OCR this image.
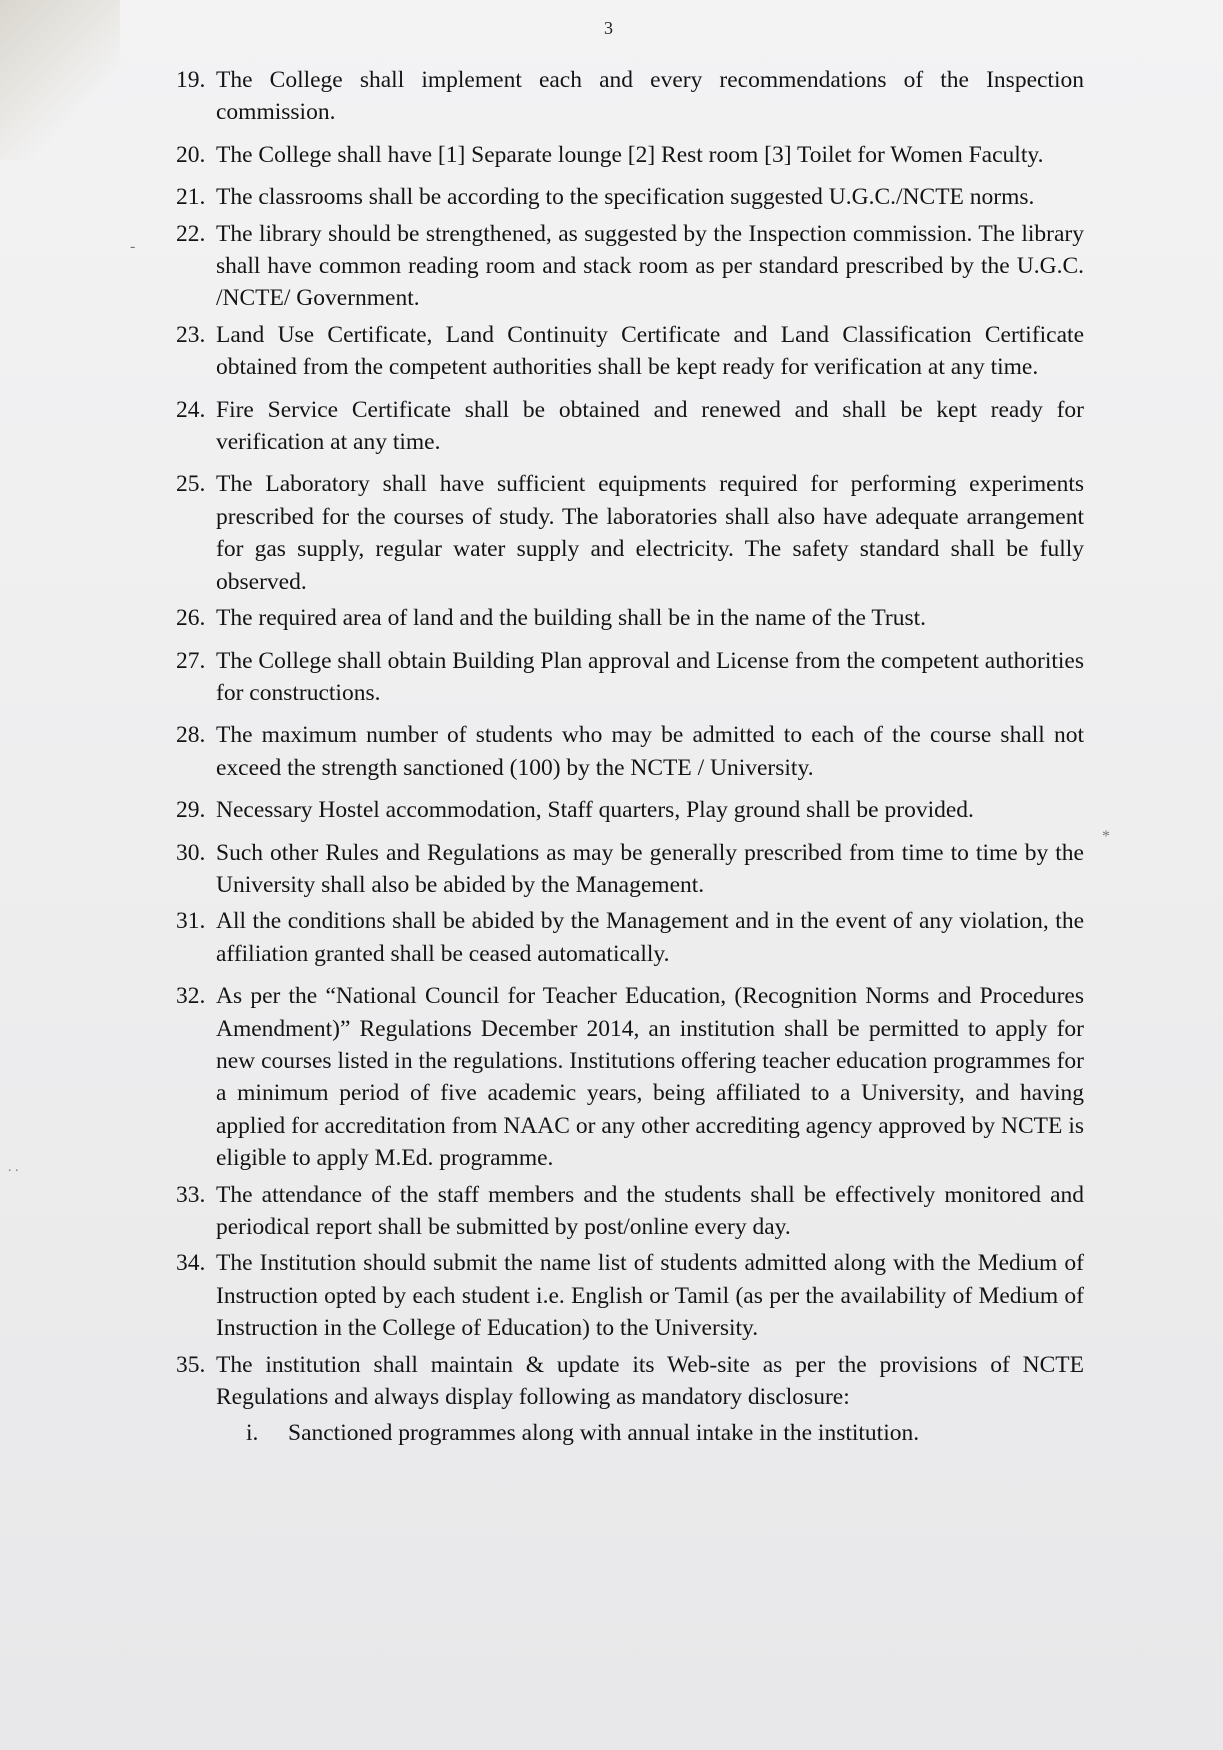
3
19. The College shall implement each and every recommendations of the Inspection commission.
20. The College shall have [1] Separate lounge [2] Rest room [3] Toilet for Women Faculty.
21. The classrooms shall be according to the specification suggested U.G.C./NCTE norms.
22. The library should be strengthened, as suggested by the Inspection commission. The library shall have common reading room and stack room as per standard prescribed by the U.G.C. /NCTE/ Government.
23. Land Use Certificate, Land Continuity Certificate and Land Classification Certificate obtained from the competent authorities shall be kept ready for verification at any time.
24. Fire Service Certificate shall be obtained and renewed and shall be kept ready for verification at any time.
25. The Laboratory shall have sufficient equipments required for performing experiments prescribed for the courses of study. The laboratories shall also have adequate arrangement for gas supply, regular water supply and electricity. The safety standard shall be fully observed.
26. The required area of land and the building shall be in the name of the Trust.
27. The College shall obtain Building Plan approval and License from the competent authorities for constructions.
28. The maximum number of students who may be admitted to each of the course shall not exceed the strength sanctioned (100) by the NCTE / University.
29. Necessary Hostel accommodation, Staff quarters, Play ground shall be provided.
30. Such other Rules and Regulations as may be generally prescribed from time to time by the University shall also be abided by the Management.
31. All the conditions shall be abided by the Management and in the event of any violation, the affiliation granted shall be ceased automatically.
32. As per the “National Council for Teacher Education, (Recognition Norms and Procedures Amendment)” Regulations December 2014, an institution shall be permitted to apply for new courses listed in the regulations. Institutions offering teacher education programmes for a minimum period of five academic years, being affiliated to a University, and having applied for accreditation from NAAC or any other accrediting agency approved by NCTE is eligible to apply M.Ed. programme.
33. The attendance of the staff members and the students shall be effectively monitored and periodical report shall be submitted by post/online every day.
34. The Institution should submit the name list of students admitted along with the Medium of Instruction opted by each student i.e. English or Tamil (as per the availability of Medium of Instruction in the College of Education) to the University.
35. The institution shall maintain & update its Web-site as per the provisions of NCTE Regulations and always display following as mandatory disclosure:
i. Sanctioned programmes along with annual intake in the institution.
-
. .
*
